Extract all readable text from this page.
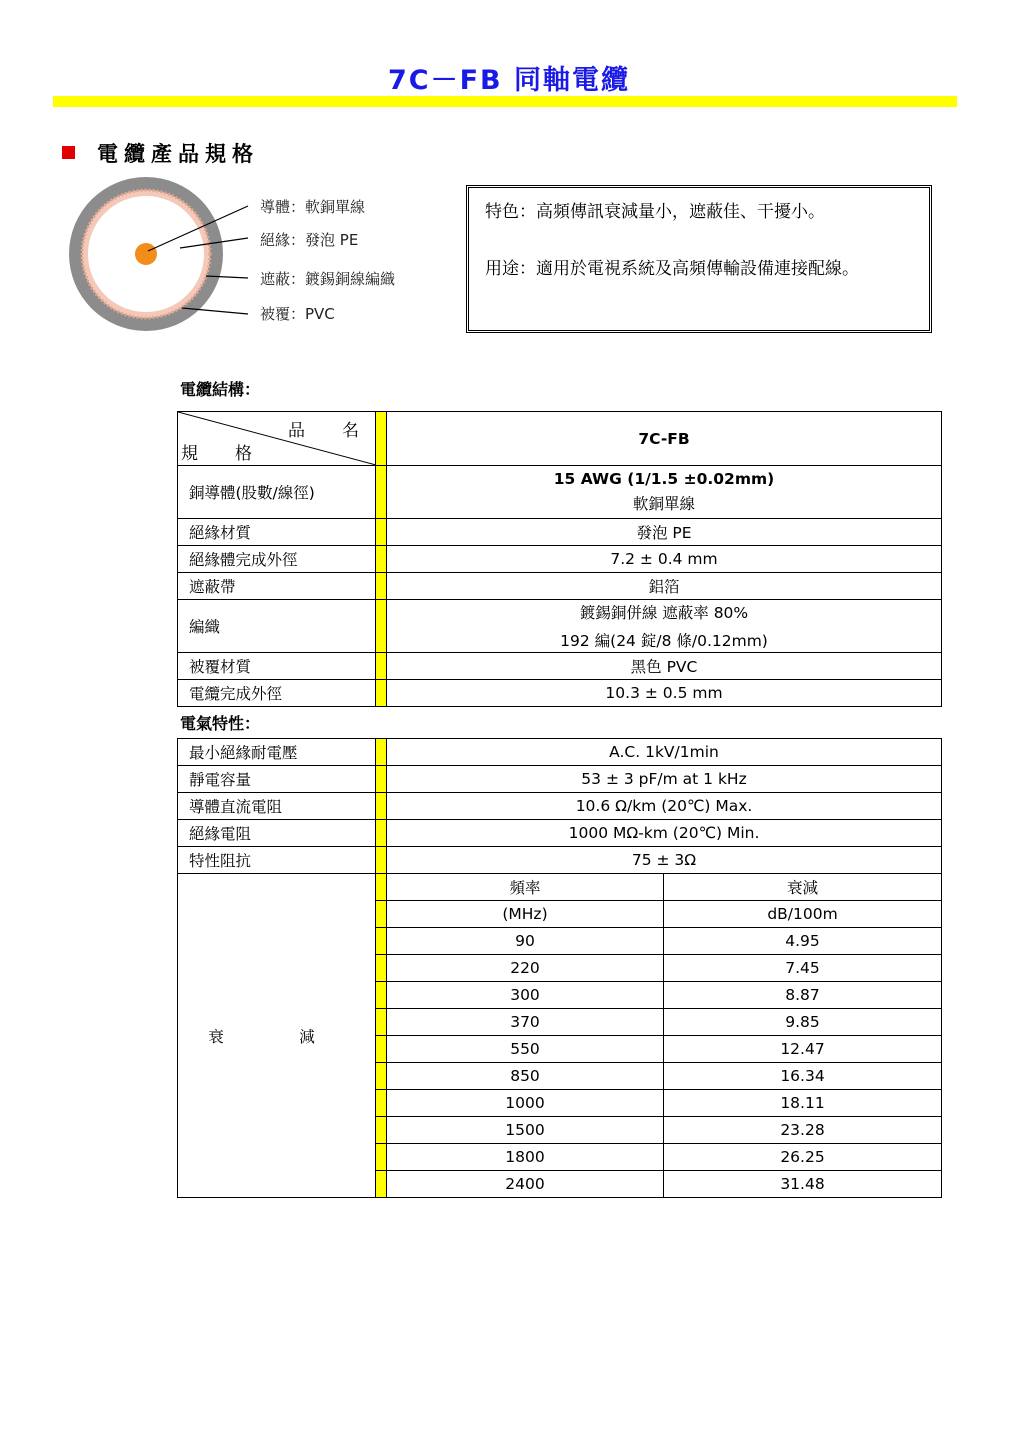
7C－FB 同軸電纜
電纜產品規格
導體：軟銅單線
絕緣：發泡 PE
遮蔽：鍍錫銅線編織
被覆：PVC

特色：高頻傳訊衰減量小，遮蔽佳、干擾小。

用途：適用於電視系統及高頻傳輸設備連接配線。

電纜結構：
品　名
規　格		7C-FB
銅導體(股數/線徑)		15 AWG (1/1.5 ±0.02mm)
軟銅單線

絕緣材質		發泡 PE
絕緣體完成外徑		7.2 ± 0.4 mm
遮蔽帶		鋁箔
編織		鍍錫銅併線 遮蔽率 80%
192 編(24 錠/8 條/0.12mm)

被覆材質		黑色 PVC
電纜完成外徑		10.3 ± 0.5 mm
電氣特性：
最小絕緣耐電壓		A.C. 1kV/1min	
靜電容量		53 ± 3 pF/m at 1 kHz	
導體直流電阻		10.6 Ω/km (20℃) Max.	
絕緣電阻		1000 MΩ-km (20℃) Min.	
特性阻抗		75 ± 3Ω	
衰　減		頻率	衰減
		(MHz)	dB/100m
		90	4.95
		220	7.45
		300	8.87
		370	9.85
		550	12.47
		850	16.34
		1000	18.11
		1500	23.28
		1800	26.25
		2400	31.48
